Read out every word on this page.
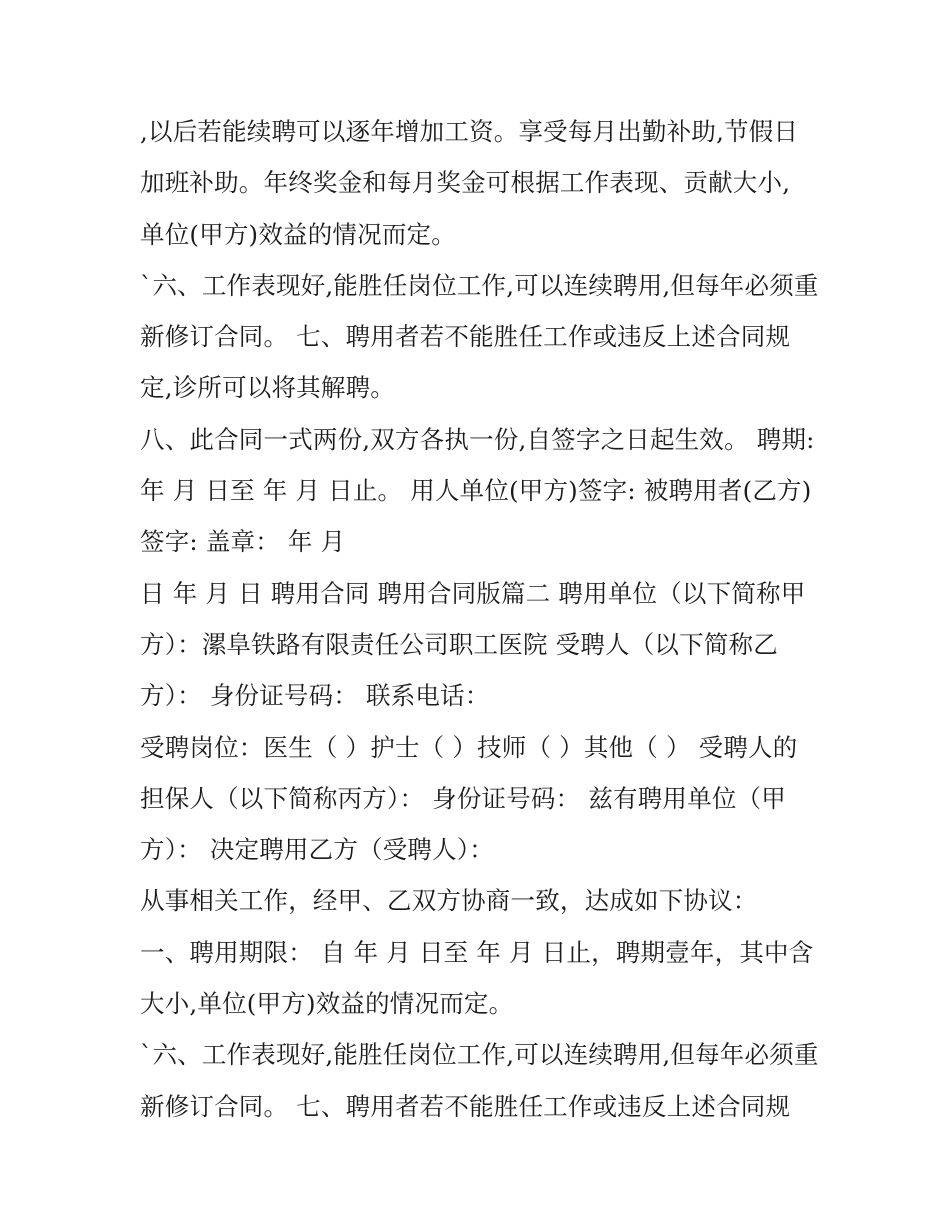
,以后若能续聘可以逐年增加工资。享受每月出勤补助,节假日
加班补助。年终奖金和每月奖金可根据工作表现、贡献大小,
单位(甲方)效益的情况而定。
`六、工作表现好,能胜任岗位工作,可以连续聘用,但每年必须重
新修订合同。 七、聘用者若不能胜任工作或违反上述合同规
定,诊所可以将其解聘。
八、此合同一式两份,双方各执一份,自签字之日起生效。 聘期:
年 月 日至 年 月 日止。 用人单位(甲方)签字: 被聘用者(乙方)
签字: 盖章： 年 月
日 年 月 日 聘用合同 聘用合同版篇二 聘用单位（以下简称甲
方）：漯阜铁路有限责任公司职工医院 受聘人（以下简称乙
方）： 身份证号码： 联系电话：
受聘岗位：医生（ ）护士（ ）技师（ ）其他（ ） 受聘人的
担保人（以下简称丙方）： 身份证号码： 兹有聘用单位（甲
方）： 决定聘用乙方（受聘人）：
从事相关工作，经甲、乙双方协商一致，达成如下协议：
一、聘用期限： 自 年 月 日至 年 月 日止，聘期壹年，其中含
大小,单位(甲方)效益的情况而定。
`六、工作表现好,能胜任岗位工作,可以连续聘用,但每年必须重
新修订合同。 七、聘用者若不能胜任工作或违反上述合同规
